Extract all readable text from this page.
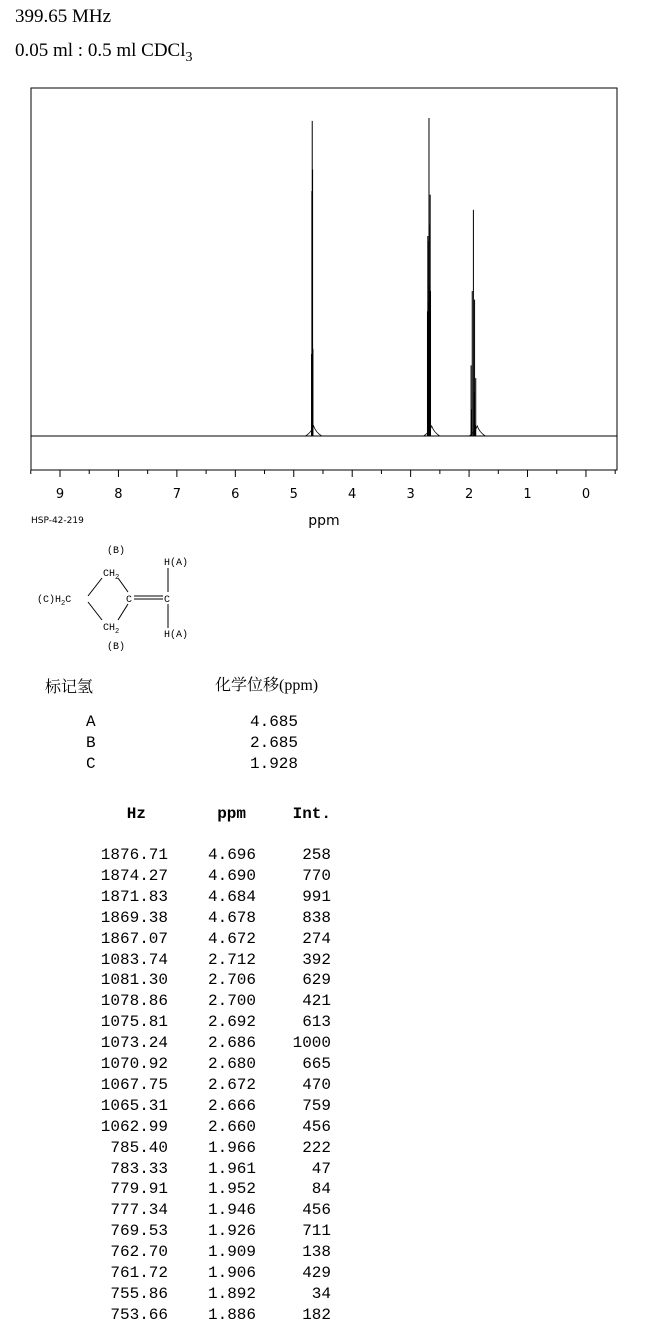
399.65 MHz
0.05 ml : 0.5 ml CDCl$_3$
9	8	7	6	5	4	3	2	1	0
ppm
HSP-42-219
(B)
$CH_2$
$(C)H_2C$	C	C
$CH_2$
(B)
H(A)
H(A)
标记氢	化学位移(ppm)
A	4.685
B	2.685
C	1.928
Hz	ppm	Int.
1876.71 4.696	258
1874.27 4.690	770
1871.83 4.684	991
1869.38 4.678	838
1867.07 4.672	274
1083.74 2.712	392
1081.30 2.706	629
1078.86 2.700	421
1075.81 2.692	613
1073.24 2.686 1000
1070.92 2.680	665
1067.75 2.672	470
1065.31 2.666	759
1062.99 2.660	456
785.40 1.966	222
783.33 1.961	47
779.91 1.952	84
777.34 1.946	456
769.53 1.926	711
762.70 1.909	138
761.72 1.906	429
755.86 1.892	34
753.66 1.886	182
